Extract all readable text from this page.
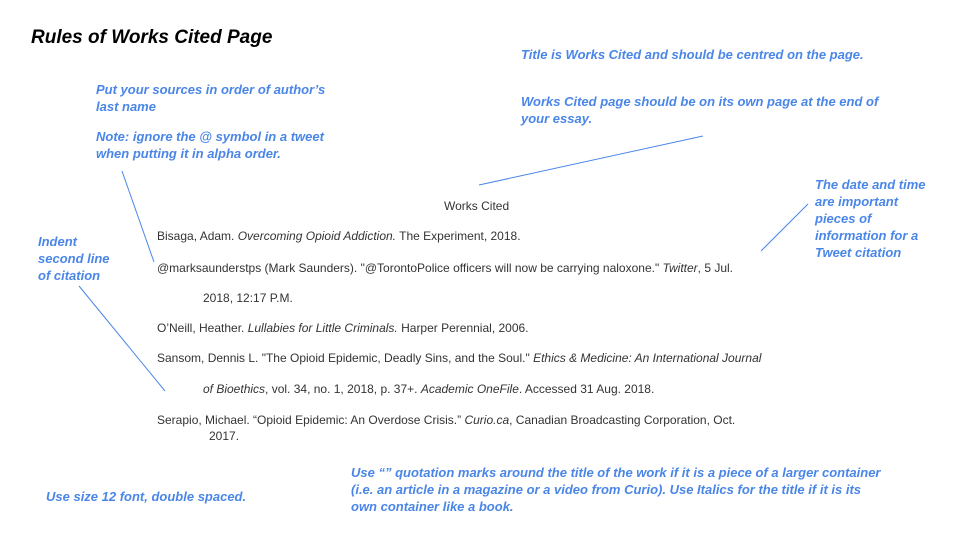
Rules of Works Cited Page
Title is Works Cited and should be centred on the page.
Works Cited page should be on its own page at the end of your essay.
Put your sources in order of author’s
last name
Note: ignore the @ symbol in a tweet
when putting it in alpha order.
Indent
second line
of citation
The date and time
are important
pieces of
information for a
Tweet citation
Use size 12 font, double spaced.
Use “” quotation marks around the title of the work if it is a piece of a larger container
(i.e. an article in a magazine or a video from Curio). Use Italics for the title if it is its
own container like a book.
Works Cited
Bisaga, Adam. Overcoming Opioid Addiction. The Experiment, 2018.
@marksaunderstps (Mark Saunders). "@TorontoPolice officers will now be carrying naloxone." Twitter, 5 Jul.
2018, 12:17 P.M.
O’Neill, Heather. Lullabies for Little Criminals. Harper Perennial, 2006.
Sansom, Dennis L. "The Opioid Epidemic, Deadly Sins, and the Soul." Ethics & Medicine: An International Journal
of Bioethics, vol. 34, no. 1, 2018, p. 37+. Academic OneFile. Accessed 31 Aug. 2018.
Serapio, Michael. “Opioid Epidemic: An Overdose Crisis.” Curio.ca, Canadian Broadcasting Corporation, Oct.
2017.
